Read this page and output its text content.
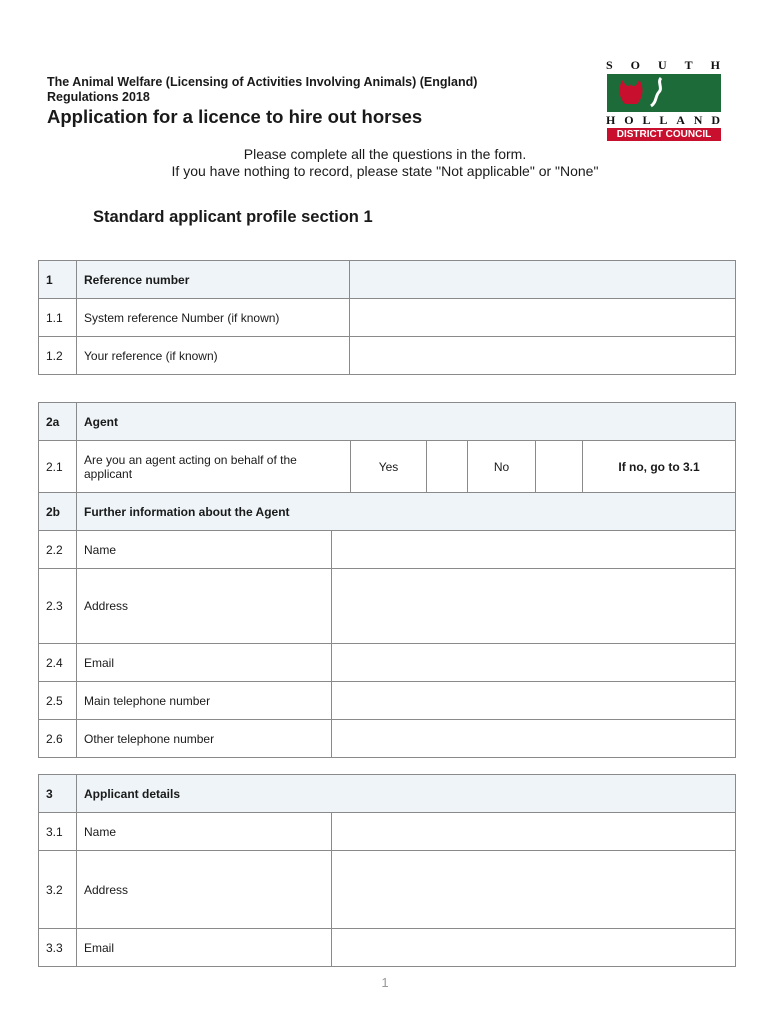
The Animal Welfare (Licensing of Activities Involving Animals) (England)
Regulations 2018
Application for a licence to hire out horses
S O U T H
H O L L A N D
DISTRICT COUNCIL
Please complete all the questions in the form.
If you have nothing to record, please state "Not applicable" or "None"
Standard applicant profile section 1
1	Reference number	
1.1	System reference Number (if known)	
1.2	Your reference (if known)	
2a	Agent					
2.1	Are you an agent acting on behalf of the applicant	Yes		No		If no, go to 3.1
2b	Further information about the Agent					
2.2	Name	
2.3	Address	
2.4	Email	
2.5	Main telephone number	
2.6	Other telephone number	
3	Applicant details	
3.1	Name	
3.2	Address	
3.3	Email	
1
